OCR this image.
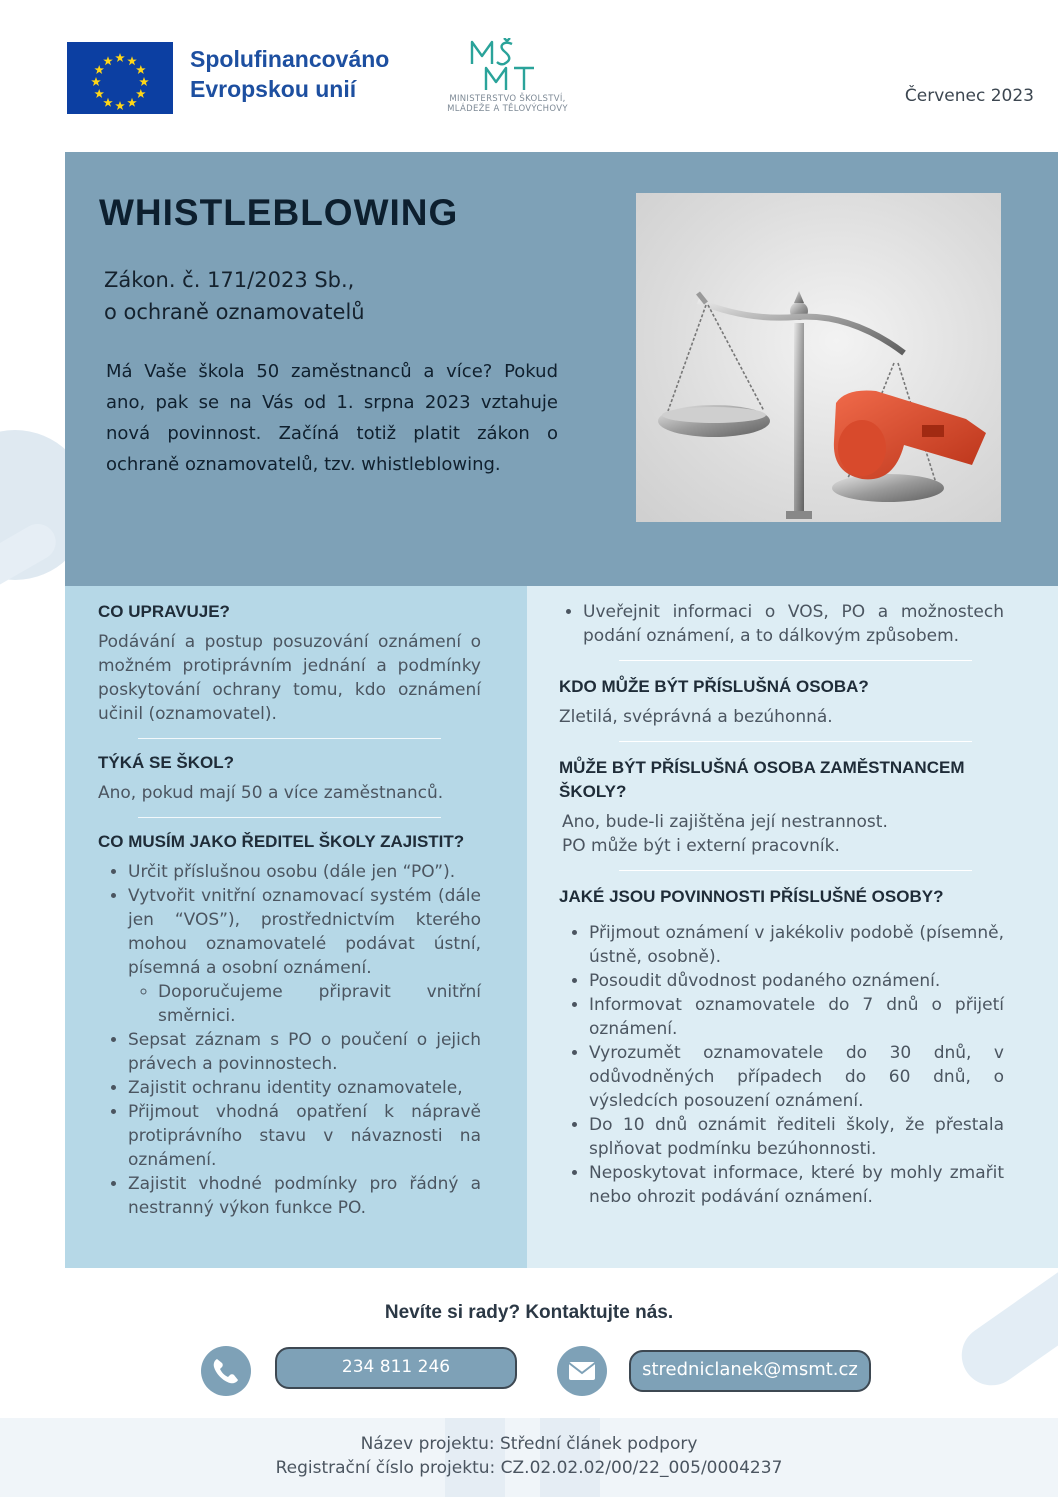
Spolufinancováno
Evropskou unií	MINISTERSTVO ŠKOLSTVÍ,
MLÁDEŽE A TĚLOVÝCHOVY
Červenec 2023
WHISTLEBLOWING
Zákon. č. 171/2023 Sb.,
o ochraně oznamovatelů
Má Vaše škola 50 zaměstnanců a více? Pokud ano, pak se na Vás od 1. srpna 2023 vztahuje nová povinnost. Začíná totiž platit zákon o ochraně oznamovatelů, tzv. whistleblowing.
CO UPRAVUJE?

Podávání a postup posuzování oznámení o možném protiprávním jednání a podmínky poskytování ochrany tomu, kdo oznámení učinil (oznamovatel).

TÝKÁ SE ŠKOL?

Ano, pokud mají 50 a více zaměstnanců.

CO MUSÍM JAKO ŘEDITEL ŠKOLY ZAJISTIT?
• Určit příslušnou osobu (dále jen “PO”).
• Vytvořit vnitřní oznamovací systém (dále jen “VOS”), prostřednictvím kterého mohou oznamovatelé podávat ústní, písemná a osobní oznámení.
◦ Doporučujeme připravit vnitřní směrnici.
• Sepsat záznam s PO o poučení o jejich právech a povinnostech.
• Zajistit ochranu identity oznamovatele,
• Přijmout vhodná opatření k nápravě protiprávního stavu v návaznosti na oznámení.
• Zajistit vhodné podmínky pro řádný a nestranný výkon funkce PO.
• Uveřejnit informaci o VOS, PO a možnostech podání oznámení, a to dálkovým způsobem.
KDO MŮŽE BÝT PŘÍSLUŠNÁ OSOBA?

Zletilá, svéprávná a bezúhonná.

MŮŽE BÝT PŘÍSLUŠNÁ OSOBA ZAMĚSTNANCEM ŠKOLY?

Ano, bude-li zajištěna její nestrannost.

PO může být i externí pracovník.

JAKÉ JSOU POVINNOSTI PŘÍSLUŠNÉ OSOBY?
• Přijmout oznámení v jakékoliv podobě (písemně, ústně, osobně).
• Posoudit důvodnost podaného oznámení.
• Informovat oznamovatele do 7 dnů o přijetí oznámení.
• Vyrozumět oznamovatele do 30 dnů, v odůvodněných případech do 60 dnů, o výsledcích posouzení oznámení.
• Do 10 dnů oznámit řediteli školy, že přestala splňovat podmínku bezúhonnosti.
• Neposkytovat informace, které by mohly zmařit nebo ohrozit podávání oznámení.
Nevíte si rady? Kontaktujte nás.
234 811 246	stredniclanek@msmt.cz
Název projektu: Střední článek podpory
Registrační číslo projektu: CZ.02.02.02/00/22_005/0004237
